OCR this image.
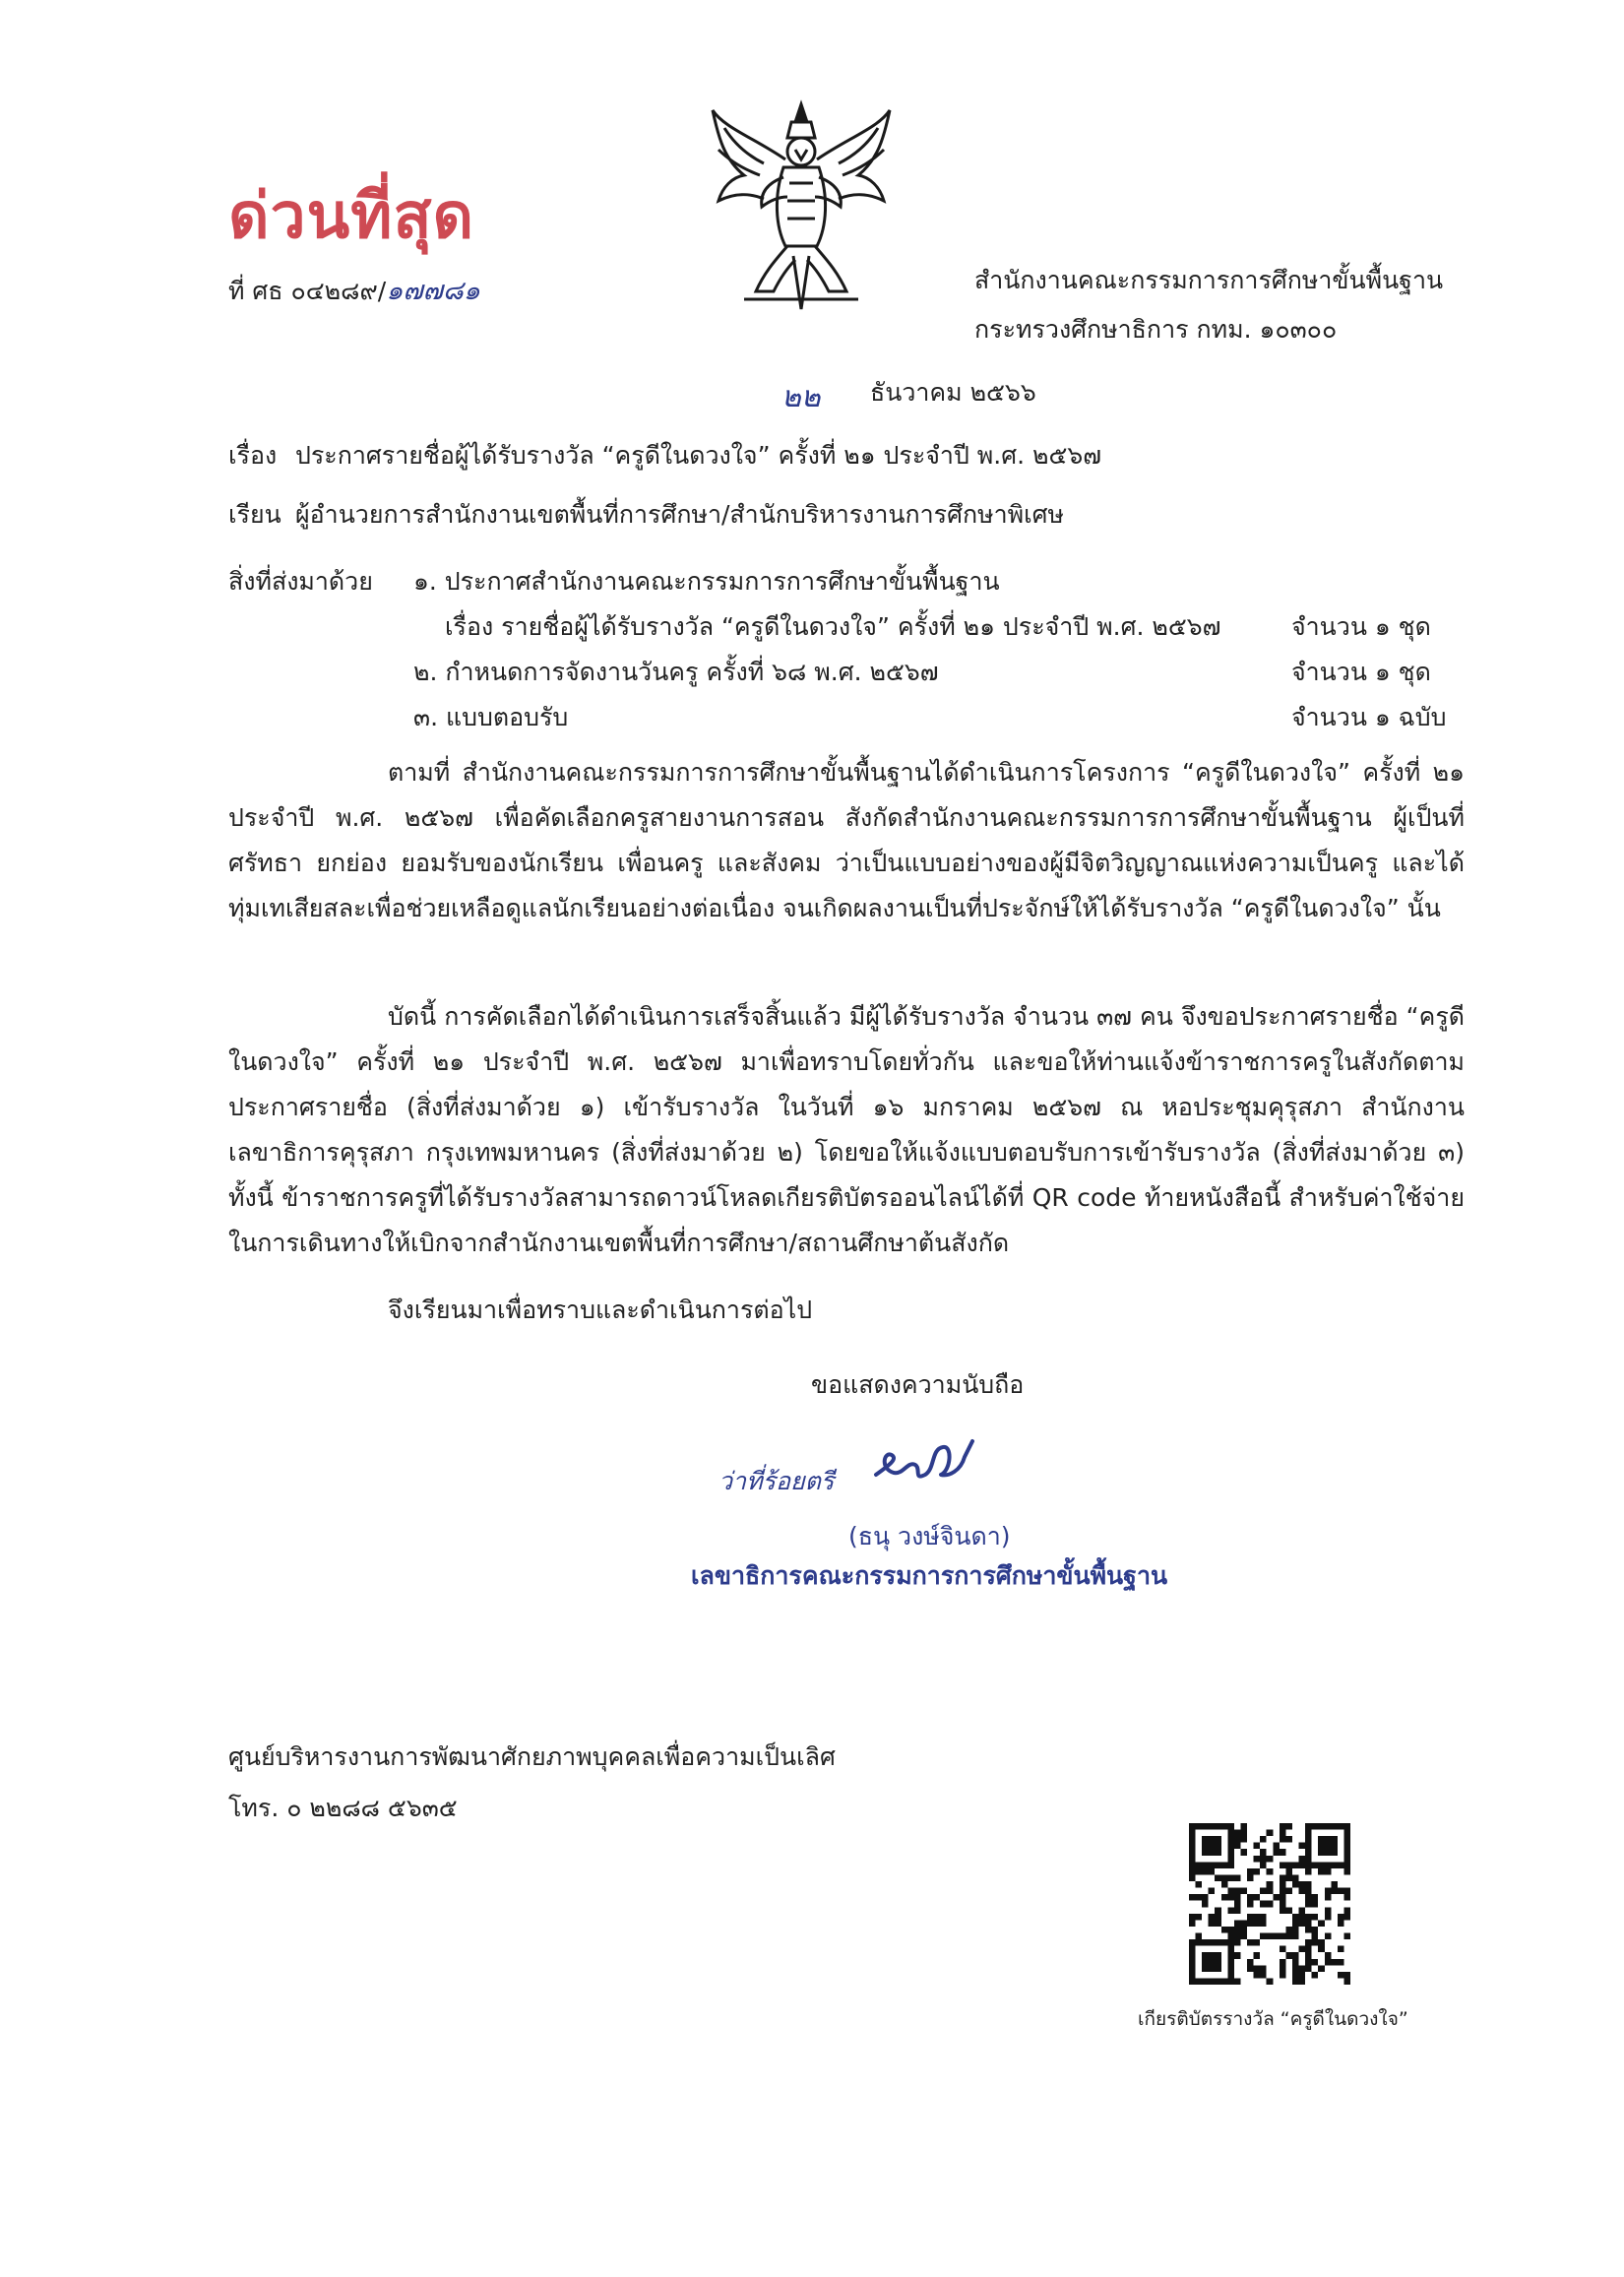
ด่วนที่สุด
ที่ ศธ ๐๔๒๘๙/๑๗๗๘๑	สำนักงานคณะกรรมการการศึกษาขั้นพื้นฐาน
กระทรวงศึกษาธิการ กทม. ๑๐๓๐๐
๒๒ ธันวาคม ๒๕๖๖
เรื่อง ประกาศรายชื่อผู้ได้รับรางวัล “ครูดีในดวงใจ” ครั้งที่ ๒๑ ประจำปี พ.ศ. ๒๕๖๗
เรียน ผู้อำนวยการสำนักงานเขตพื้นที่การศึกษา/สำนักบริหารงานการศึกษาพิเศษ
สิ่งที่ส่งมาด้วย ๑. ประกาศสำนักงานคณะกรรมการการศึกษาขั้นพื้นฐาน
เรื่อง รายชื่อผู้ได้รับรางวัล “ครูดีในดวงใจ” ครั้งที่ ๒๑ ประจำปี พ.ศ. ๒๕๖๗	จำนวน ๑ ชุด
๒. กำหนดการจัดงานวันครู ครั้งที่ ๖๘ พ.ศ. ๒๕๖๗	จำนวน ๑ ชุด
๓. แบบตอบรับ	จำนวน ๑ ฉบับ
ตามที่ สำนักงานคณะกรรมการการศึกษาขั้นพื้นฐานได้ดำเนินการโครงการ “ครูดีในดวงใจ” ครั้งที่ ๒๑ ประจำปี พ.ศ. ๒๕๖๗ เพื่อคัดเลือกครูสายงานการสอน สังกัดสำนักงานคณะกรรมการการศึกษาขั้นพื้นฐาน ผู้เป็นที่ศรัทธา ยกย่อง ยอมรับของนักเรียน เพื่อนครู และสังคม ว่าเป็นแบบอย่างของผู้มีจิตวิญญาณแห่งความเป็นครู และได้ทุ่มเทเสียสละเพื่อช่วยเหลือดูแลนักเรียนอย่างต่อเนื่อง จนเกิดผลงานเป็นที่ประจักษ์ให้ได้รับรางวัล “ครูดีในดวงใจ” นั้น
บัดนี้ การคัดเลือกได้ดำเนินการเสร็จสิ้นแล้ว มีผู้ได้รับรางวัล จำนวน ๓๗ คน จึงขอประกาศรายชื่อ “ครูดีในดวงใจ” ครั้งที่ ๒๑ ประจำปี พ.ศ. ๒๕๖๗ มาเพื่อทราบโดยทั่วกัน และขอให้ท่านแจ้งข้าราชการครูในสังกัดตามประกาศรายชื่อ (สิ่งที่ส่งมาด้วย ๑) เข้ารับรางวัล ในวันที่ ๑๖ มกราคม ๒๕๖๗ ณ หอประชุมคุรุสภา สำนักงานเลขาธิการคุรุสภา กรุงเทพมหานคร (สิ่งที่ส่งมาด้วย ๒) โดยขอให้แจ้งแบบตอบรับการเข้ารับรางวัล (สิ่งที่ส่งมาด้วย ๓) ทั้งนี้ ข้าราชการครูที่ได้รับรางวัลสามารถดาวน์โหลดเกียรติบัตรออนไลน์ได้ที่ QR code ท้ายหนังสือนี้ สำหรับค่าใช้จ่ายในการเดินทางให้เบิกจากสำนักงานเขตพื้นที่การศึกษา/สถานศึกษาต้นสังกัด
จึงเรียนมาเพื่อทราบและดำเนินการต่อไป
ขอแสดงความนับถือ
ว่าที่ร้อยตรี
(ธนุ วงษ์จินดา)
เลขาธิการคณะกรรมการการศึกษาขั้นพื้นฐาน
ศูนย์บริหารงานการพัฒนาศักยภาพบุคคลเพื่อความเป็นเลิศ
โทร. ๐ ๒๒๘๘ ๕๖๓๕
เกียรติบัตรรางวัล “ครูดีในดวงใจ”
